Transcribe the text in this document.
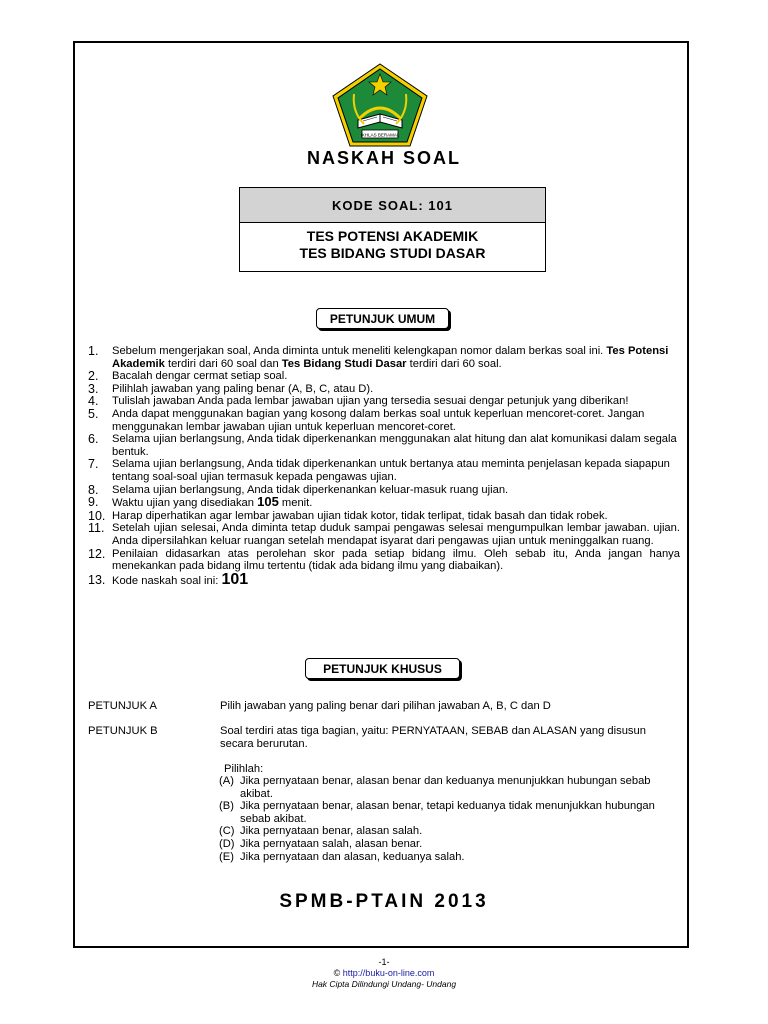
IKHLAS BERAMAL
NASKAH SOAL
KODE SOAL: 101
TES POTENSI AKADEMIK
TES BIDANG STUDI DASAR
PETUNJUK UMUM
1. Sebelum mengerjakan soal, Anda diminta untuk meneliti kelengkapan nomor dalam berkas soal ini. Tes Potensi Akademik terdiri dari 60 soal dan Tes Bidang Studi Dasar terdiri dari 60 soal.
2. Bacalah dengar cermat setiap soal.
3. Pilihlah jawaban yang paling benar (A, B, C, atau D).
4. Tulislah jawaban Anda pada lembar jawaban ujian yang tersedia sesuai dengar petunjuk yang diberikan!
5. Anda dapat menggunakan bagian yang kosong dalam berkas soal untuk keperluan mencoret-coret. Jangan menggunakan lembar jawaban ujian untuk keperluan mencoret-coret.
6. Selama ujian berlangsung, Anda tidak diperkenankan menggunakan alat hitung dan alat komunikasi dalam segala bentuk.
7. Selama ujian berlangsung, Anda tidak diperkenankan untuk bertanya atau meminta penjelasan kepada siapapun tentang soal-soal ujian termasuk kepada pengawas ujian.
8. Selama ujian berlangsung, Anda tidak diperkenankan keluar-masuk ruang ujian.
9. Waktu ujian yang disediakan 105 menit.
10. Harap diperhatikan agar lembar jawaban ujian tidak kotor, tidak terlipat, tidak basah dan tidak robek.
11. Setelah ujian selesai, Anda diminta tetap duduk sampai pengawas selesai mengumpulkan lembar jawaban. ujian. Anda dipersilahkan keluar ruangan setelah mendapat isyarat dari pengawas ujian untuk meninggalkan ruang.
12. Penilaian didasarkan atas perolehan skor pada setiap bidang ilmu. Oleh sebab itu, Anda jangan hanya menekankan pada bidang ilmu tertentu (tidak ada bidang ilmu yang diabaikan).
13. Kode naskah soal ini: 101
PETUNJUK KHUSUS
PETUNJUK A	Pilih jawaban yang paling benar dari pilihan jawaban A, B, C dan D
PETUNJUK B	Soal terdiri atas tiga bagian, yaitu: PERNYATAAN, SEBAB dan ALASAN yang disusun secara berurutan.
Pilihlah:
(A) Jika pernyataan benar, alasan benar dan keduanya menunjukkan hubungan sebab akibat.
(B) Jika pernyataan benar, alasan benar, tetapi keduanya tidak menunjukkan hubungan sebab akibat.
(C) Jika pernyataan benar, alasan salah.
(D) Jika pernyataan salah, alasan benar.
(E) Jika pernyataan dan alasan, keduanya salah.
SPMB-PTAIN 2013
-1-
© http://buku-on-line.com
Hak Cipta Dilindungi Undang- Undang
